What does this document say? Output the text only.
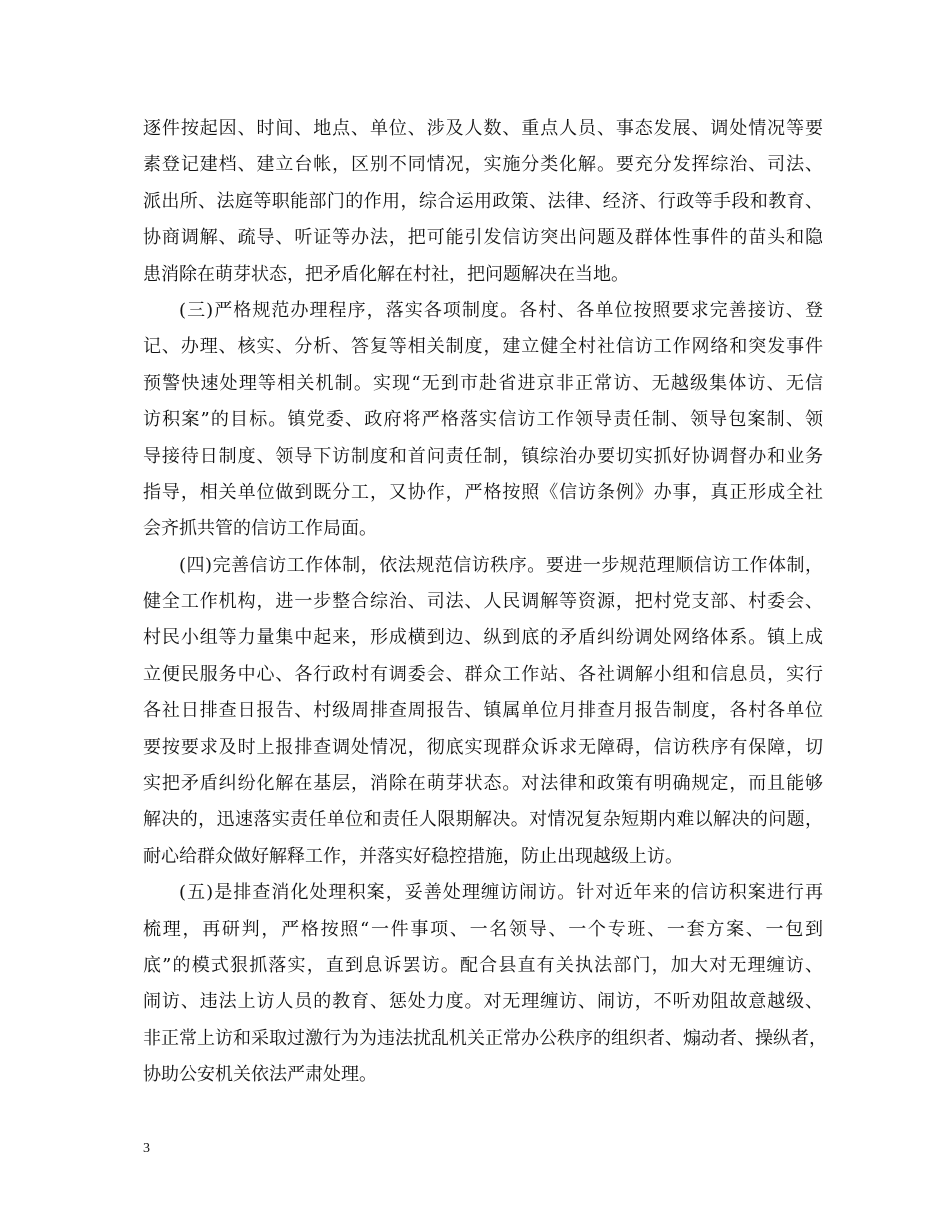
逐件按起因、时间、地点、单位、涉及人数、重点人员、事态发展、调处情况等要
素登记建档、建立台帐，区别不同情况，实施分类化解。要充分发挥综治、司法、
派出所、法庭等职能部门的作用，综合运用政策、法律、经济、行政等手段和教育、
协商调解、疏导、听证等办法，把可能引发信访突出问题及群体性事件的苗头和隐
患消除在萌芽状态，把矛盾化解在村社，把问题解决在当地。
(三)严格规范办理程序，落实各项制度。各村、各单位按照要求完善接访、登
记、办理、核实、分析、答复等相关制度，建立健全村社信访工作网络和突发事件
预警快速处理等相关机制。实现“无到市赴省进京非正常访、无越级集体访、无信
访积案”的目标。镇党委、政府将严格落实信访工作领导责任制、领导包案制、领
导接待日制度、领导下访制度和首问责任制，镇综治办要切实抓好协调督办和业务
指导，相关单位做到既分工，又协作，严格按照《信访条例》办事，真正形成全社
会齐抓共管的信访工作局面。
(四)完善信访工作体制，依法规范信访秩序。要进一步规范理顺信访工作体制，
健全工作机构，进一步整合综治、司法、人民调解等资源，把村党支部、村委会、
村民小组等力量集中起来，形成横到边、纵到底的矛盾纠纷调处网络体系。镇上成
立便民服务中心、各行政村有调委会、群众工作站、各社调解小组和信息员，实行
各社日排查日报告、村级周排查周报告、镇属单位月排查月报告制度，各村各单位
要按要求及时上报排查调处情况，彻底实现群众诉求无障碍，信访秩序有保障，切
实把矛盾纠纷化解在基层，消除在萌芽状态。对法律和政策有明确规定，而且能够
解决的，迅速落实责任单位和责任人限期解决。对情况复杂短期内难以解决的问题，
耐心给群众做好解释工作，并落实好稳控措施，防止出现越级上访。
(五)是排查消化处理积案，妥善处理缠访闹访。针对近年来的信访积案进行再
梳理，再研判，严格按照“一件事项、一名领导、一个专班、一套方案、一包到
底”的模式狠抓落实，直到息诉罢访。配合县直有关执法部门，加大对无理缠访、
闹访、违法上访人员的教育、惩处力度。对无理缠访、闹访，不听劝阻故意越级、
非正常上访和采取过激行为为违法扰乱机关正常办公秩序的组织者、煽动者、操纵者，
协助公安机关依法严肃处理。
3
